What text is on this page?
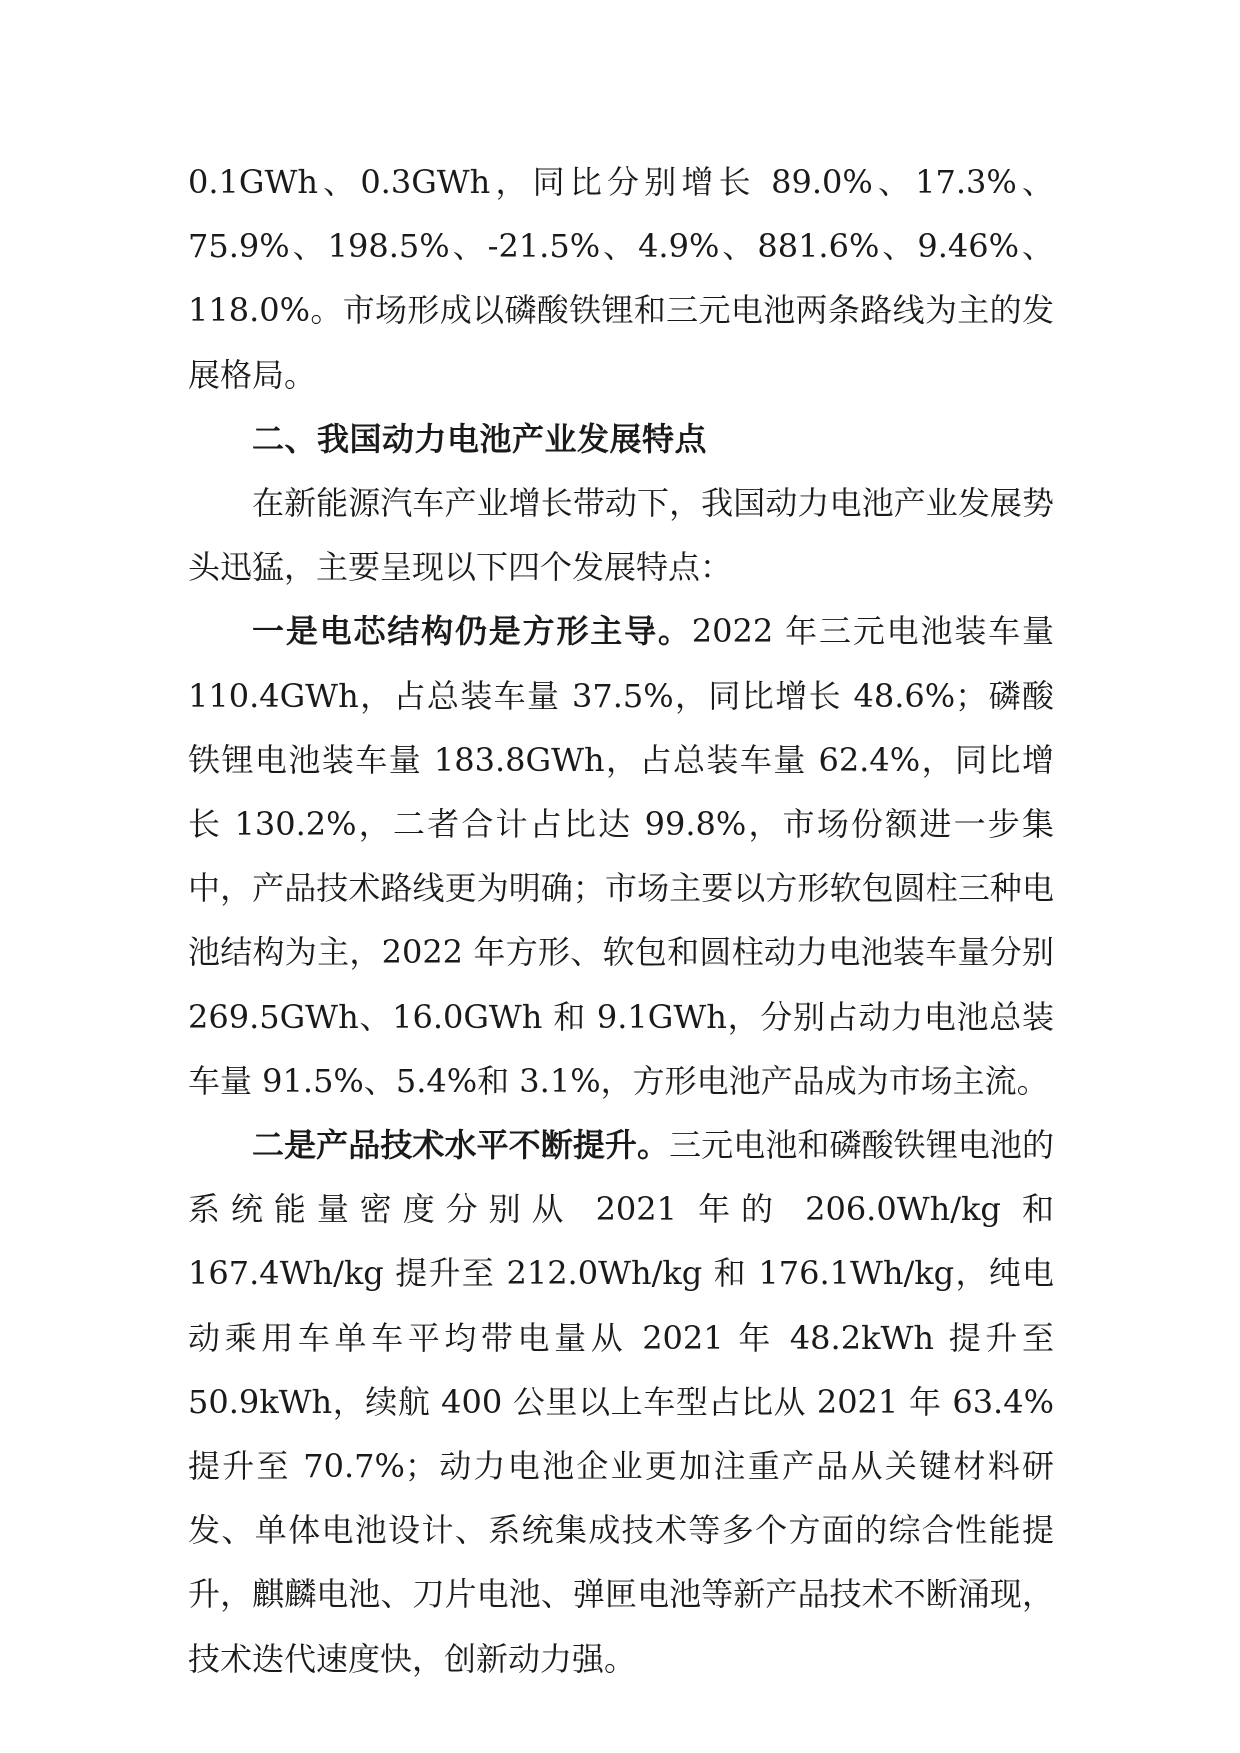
0.1GWh、0.3GWh，同比分别增长 89.0%、17.3%、75.9%、198.5%、-21.5%、4.9%、881.6%、9.46%、118.0%。市场形成以磷酸铁锂和三元电池两条路线为主的发展格局。

二、我国动力电池产业发展特点

在新能源汽车产业增长带动下，我国动力电池产业发展势头迅猛，主要呈现以下四个发展特点：

一是电芯结构仍是方形主导。2022 年三元电池装车量 110.4GWh，占总装车量 37.5%，同比增长 48.6%；磷酸铁锂电池装车量 183.8GWh，占总装车量 62.4%，同比增长 130.2%，二者合计占比达 99.8%，市场份额进一步集中，产品技术路线更为明确；市场主要以方形软包圆柱三种电池结构为主，2022 年方形、软包和圆柱动力电池装车量分别 269.5GWh、16.0GWh 和 9.1GWh，分别占动力电池总装车量 91.5%、5.4%和 3.1%，方形电池产品成为市场主流。

二是产品技术水平不断提升。三元电池和磷酸铁锂电池的系统能量密度分别从 2021 年的 206.0Wh/kg 和 167.4Wh/kg 提升至 212.0Wh/kg 和 176.1Wh/kg，纯电动乘用车单车平均带电量从 2021 年 48.2kWh 提升至 50.9kWh，续航 400 公里以上车型占比从 2021 年 63.4%提升至 70.7%；动力电池企业更加注重产品从关键材料研发、单体电池设计、系统集成技术等多个方面的综合性能提升，麒麟电池、刀片电池、弹匣电池等新产品技术不断涌现，技术迭代速度快，创新动力强。
